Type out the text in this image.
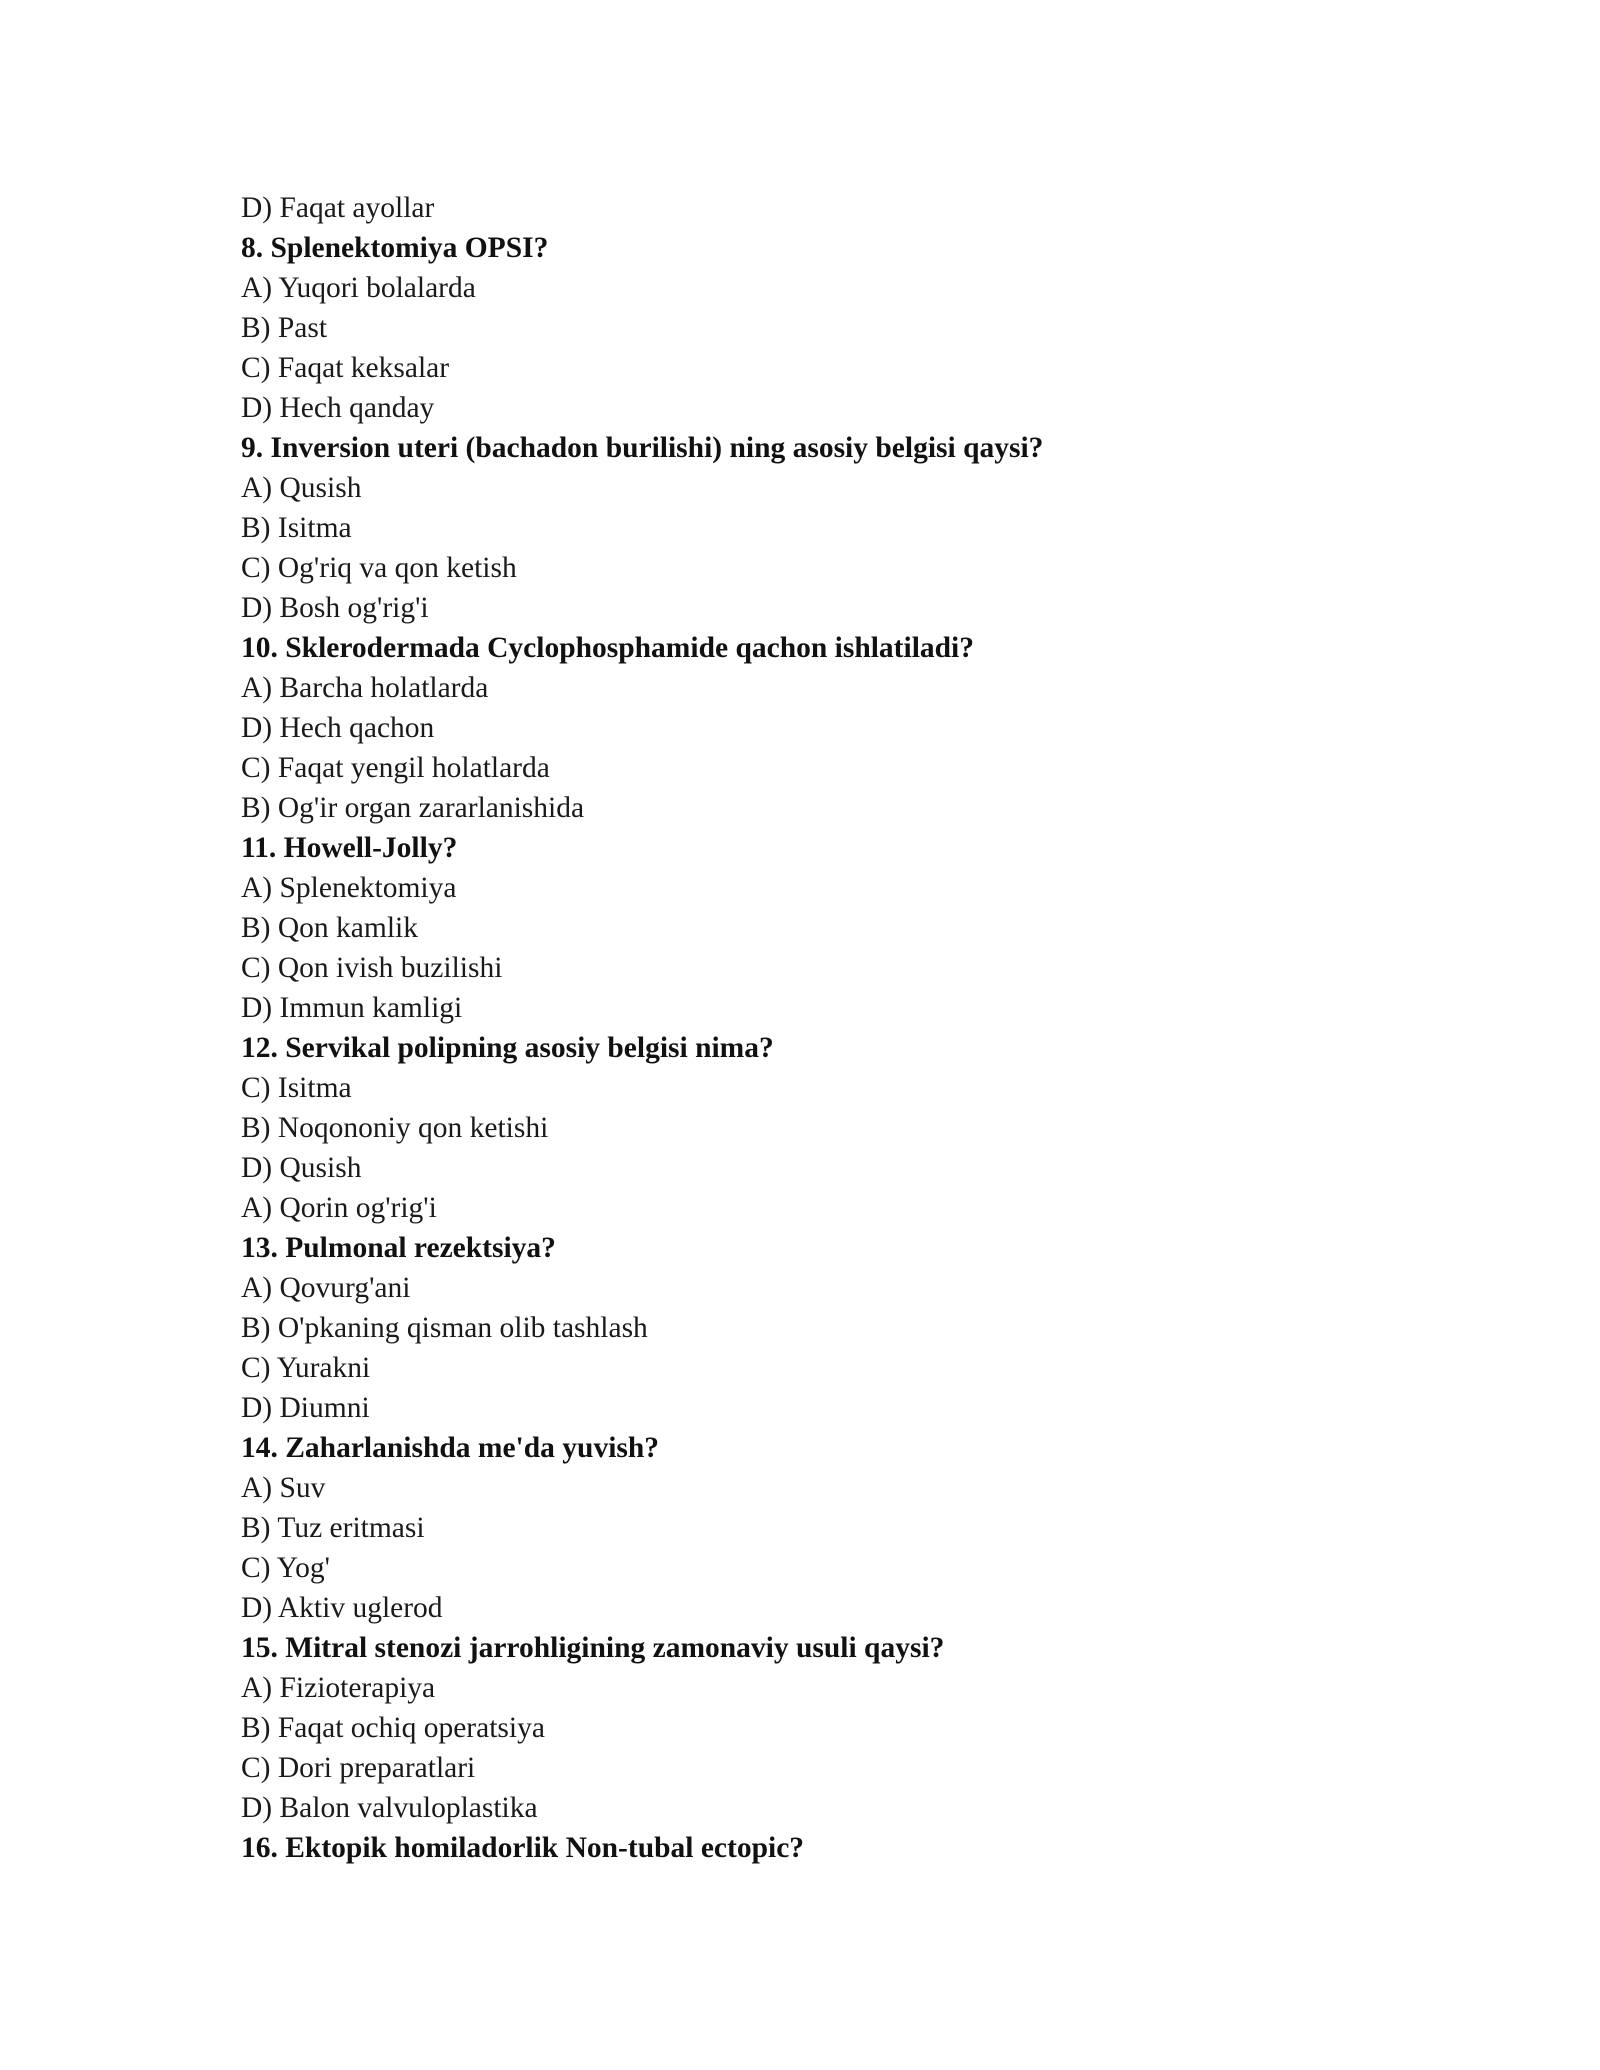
D) Faqat ayollar
8. Splenektomiya OPSI?
A) Yuqori bolalarda
B) Past
C) Faqat keksalar
D) Hech qanday
9. Inversion uteri (bachadon burilishi) ning asosiy belgisi qaysi?
A) Qusish
B) Isitma
C) Og'riq va qon ketish
D) Bosh og'rig'i
10. Sklerodermada Cyclophosphamide qachon ishlatiladi?
A) Barcha holatlarda
D) Hech qachon
C) Faqat yengil holatlarda
B) Og'ir organ zararlanishida
11. Howell-Jolly?
A) Splenektomiya
B) Qon kamlik
C) Qon ivish buzilishi
D) Immun kamligi
12. Servikal polipning asosiy belgisi nima?
C) Isitma
B) Noqononiy qon ketishi
D) Qusish
A) Qorin og'rig'i
13. Pulmonal rezektsiya?
A) Qovurg'ani
B) O'pkaning qisman olib tashlash
C) Yurakni
D) Diumni
14. Zaharlanishda me'da yuvish?
A) Suv
B) Tuz eritmasi
C) Yog'
D) Aktiv uglerod
15. Mitral stenozi jarrohligining zamonaviy usuli qaysi?
A) Fizioterapiya
B) Faqat ochiq operatsiya
C) Dori preparatlari
D) Balon valvuloplastika
16. Ektopik homiladorlik Non-tubal ectopic?
